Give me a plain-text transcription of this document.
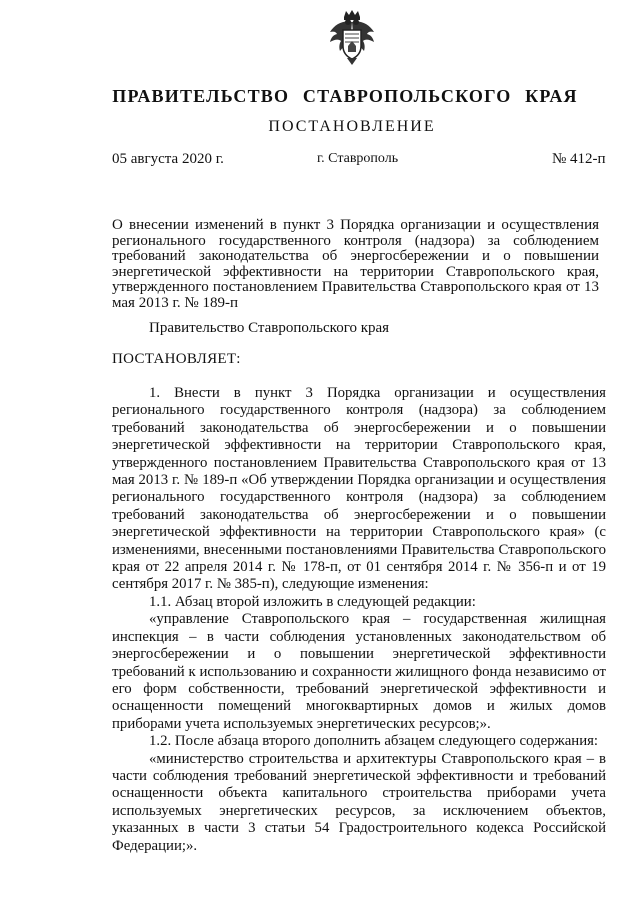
ПРАВИТЕЛЬСТВО СТАВРОПОЛЬСКОГО КРАЯ
ПОСТАНОВЛЕНИЕ
05 августа 2020 г.	г. Ставрополь	№ 412-п
О внесении изменений в пункт 3 Порядка организации и осуществления регионального государственного контроля (надзора) за соблюдением требований законодательства об энергосбережении и о повышении энергетической эффективности на территории Ставропольского края, утвержденного постановлением Правительства Ставропольского края от 13 мая 2013 г. № 189-п
Правительство Ставропольского края
ПОСТАНОВЛЯЕТ:

1. Внести в пункт 3 Порядка организации и осуществления регионального государственного контроля (надзора) за соблюдением требований законодательства об энергосбережении и о повышении энергетической эффективности на территории Ставропольского края, утвержденного постановлением Правительства Ставропольского края от 13 мая 2013 г. № 189-п «Об утверждении Порядка организации и осуществления регионального государственного контроля (надзора) за соблюдением требований законодательства об энергосбережении и о повышении энергетической эффективности на территории Ставропольского края» (с изменениями, внесенными постановлениями Правительства Ставропольского края от 22 апреля 2014 г. № 178-п, от 01 сентября 2014 г. № 356-п и от 19 сентября 2017 г. № 385-п), следующие изменения:

1.1. Абзац второй изложить в следующей редакции:

«управление Ставропольского края – государственная жилищная инспекция – в части соблюдения установленных законодательством об энергосбережении и о повышении энергетической эффективности требований к использованию и сохранности жилищного фонда независимо от его форм собственности, требований энергетической эффективности и оснащенности помещений многоквартирных домов и жилых домов приборами учета используемых энергетических ресурсов;».

1.2. После абзаца второго дополнить абзацем следующего содержания:

«министерство строительства и архитектуры Ставропольского края – в части соблюдения требований энергетической эффективности и требований оснащенности объекта капитального строительства приборами учета используемых энергетических ресурсов, за исключением объектов, указанных в части 3 статьи 54 Градостроительного кодекса Российской Федерации;».
